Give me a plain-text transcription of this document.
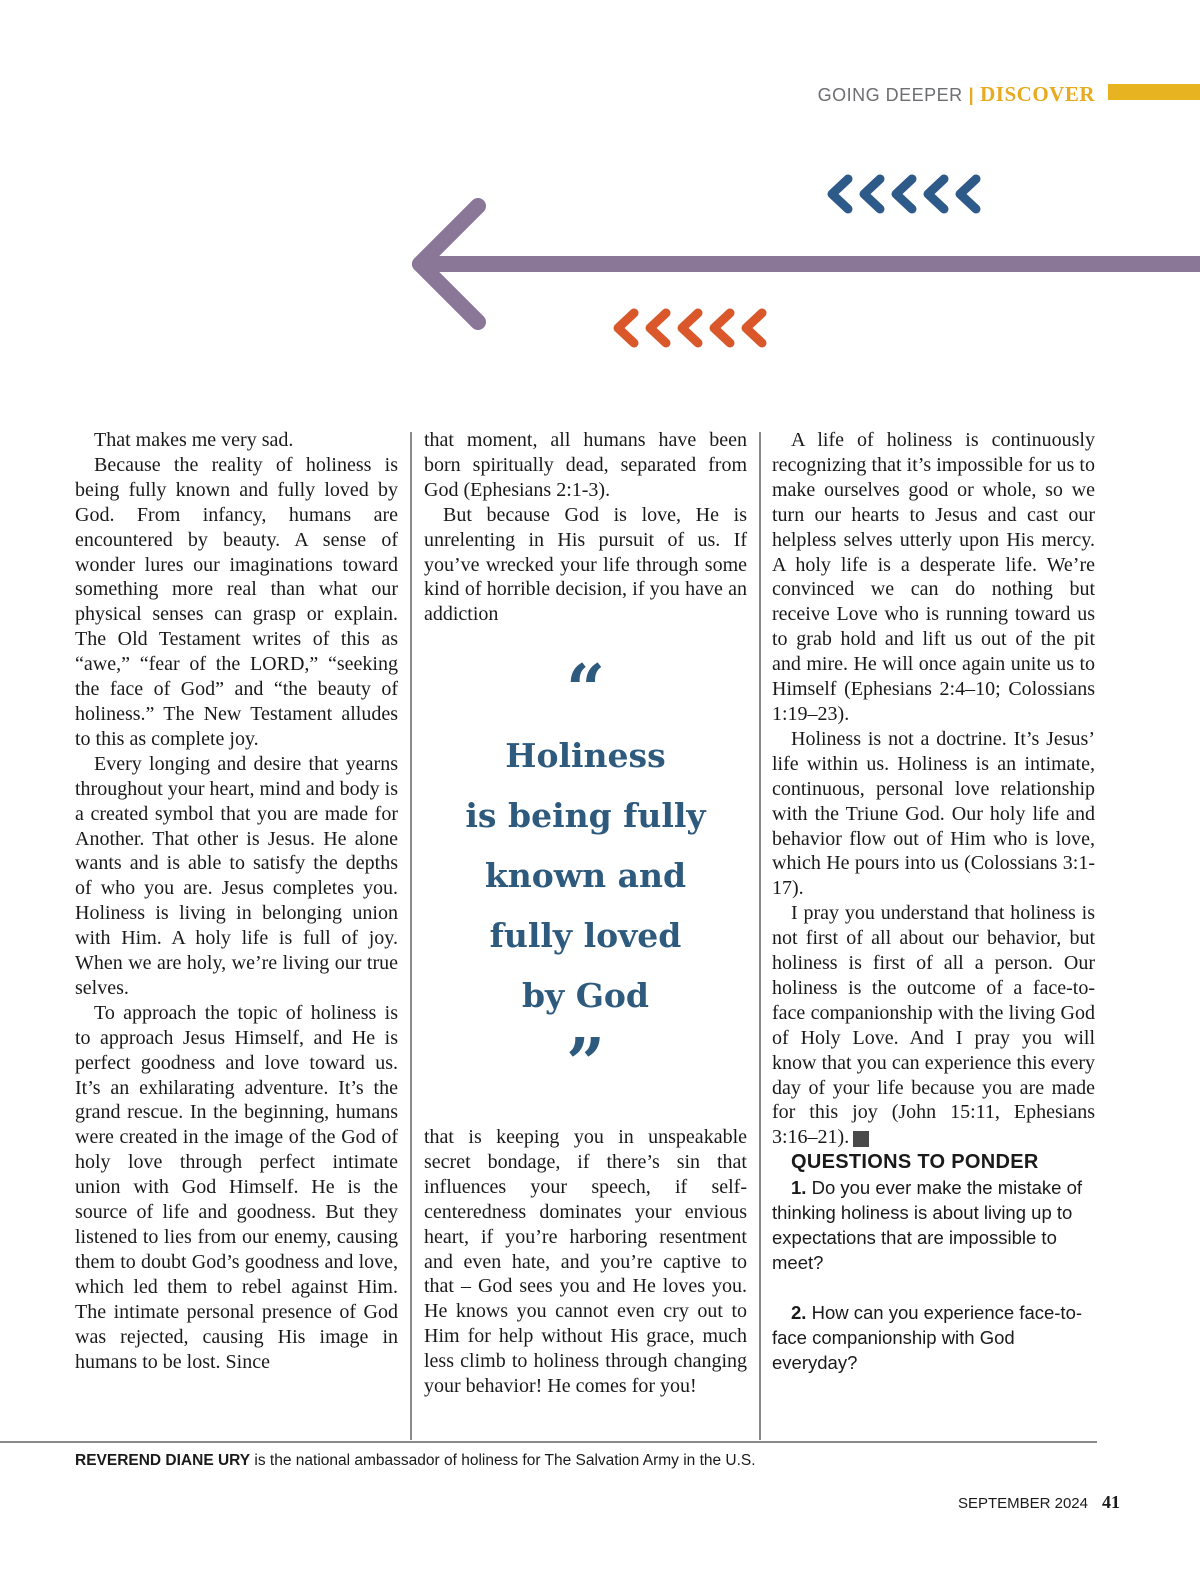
GOING DEEPER | DISCOVER

That makes me very sad.

Because the reality of holiness is being fully known and fully loved by God. From infancy, humans are encountered by beauty. A sense of wonder lures our imaginations toward something more real than what our physical senses can grasp or explain. The Old Testament writes of this as “awe,” “fear of the LORD,” “seeking the face of God” and “the beauty of holiness.” The New Testament alludes to this as complete joy.

Every longing and desire that yearns throughout your heart, mind and body is a created symbol that you are made for Another. That other is Jesus. He alone wants and is able to satisfy the depths of who you are. Jesus completes you. Holiness is living in belonging union with Him. A holy life is full of joy. When we are holy, we’re living our true selves.

To approach the topic of holiness is to approach Jesus Himself, and He is perfect goodness and love toward us. It’s an exhilarating adventure. It’s the grand rescue. In the beginning, humans were created in the image of the God of holy love through perfect intimate union with God Himself. He is the source of life and goodness. But they listened to lies from our enemy, causing them to doubt God’s goodness and love, which led them to rebel against Him. The intimate personal presence of God was rejected, causing His image in humans to be lost. Since

that moment, all humans have been born spiritually dead, separated from God (Ephesians 2:1-3).

But because God is love, He is unrelenting in His pursuit of us. If you’ve wrecked your life through some kind of horrible decision, if you have an addiction

“
Holiness
is being fully
known and
fully loved
by God
”

that is keeping you in unspeakable secret bondage, if there’s sin that influences your speech, if self-centeredness dominates your envious heart, if you’re harboring resentment and even hate, and you’re captive to that – God sees you and He loves you. He knows you cannot even cry out to Him for help without His grace, much less climb to holiness through changing your behavior! He comes for you!

A life of holiness is continuously recognizing that it’s impossible for us to make ourselves good or whole, so we turn our hearts to Jesus and cast our helpless selves utterly upon His mercy. A holy life is a desperate life. We’re convinced we can do nothing but receive Love who is running toward us to grab hold and lift us out of the pit and mire. He will once again unite us to Himself (Ephesians 2:4–10; Colossians 1:19–23).

Holiness is not a doctrine. It’s Jesus’ life within us. Holiness is an intimate, continuous, personal love relationship with the Triune God. Our holy life and behavior flow out of Him who is love, which He pours into us (Colossians 3:1-17).

I pray you understand that holiness is not first of all about our behavior, but holiness is first of all a person. Our holiness is the outcome of a face-to-face companionship with the living God of Holy Love. And I pray you will know that you can experience this every day of your life because you are made for this joy (John 15:11, Ephesians 3:16–21). ℓ

QUESTIONS TO PONDER

1. Do you ever make the mistake of thinking holiness is about living up to expectations that are impossible to meet?

2. How can you experience face-to-face companionship with God everyday?

REVEREND DIANE URY is the national ambassador of holiness for The Salvation Army in the U.S.
SEPTEMBER 2024 41
